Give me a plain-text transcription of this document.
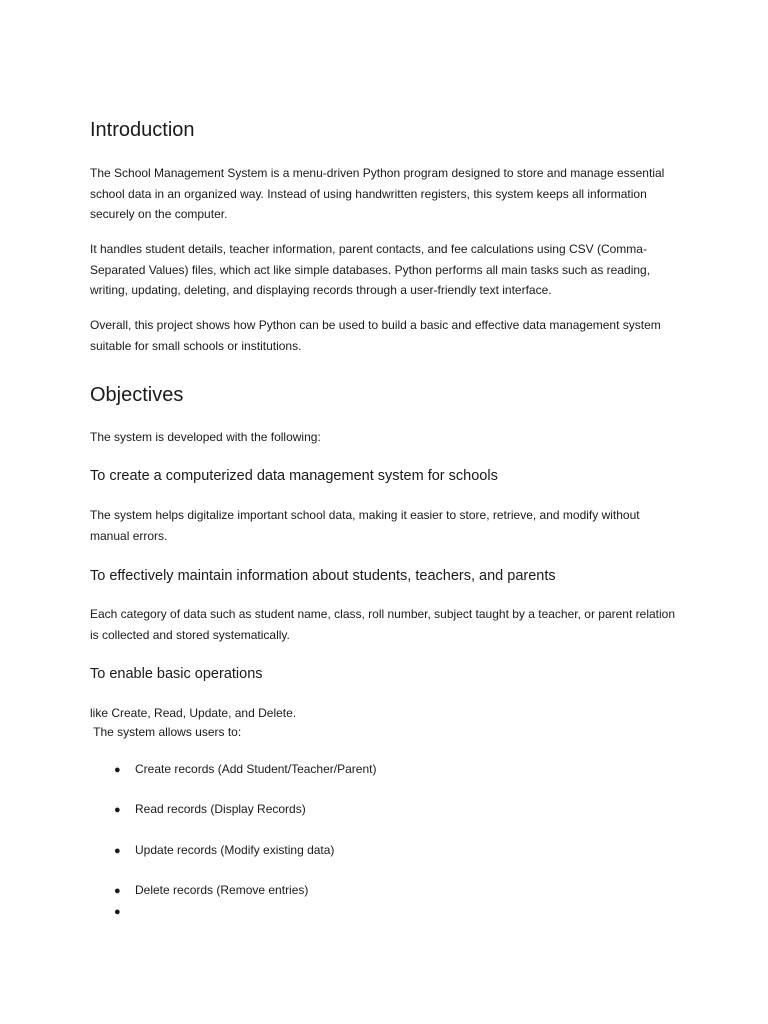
Introduction

The School Management System is a menu-driven Python program designed to store and manage essential school data in an organized way. Instead of using handwritten registers, this system keeps all information securely on the computer.

It handles student details, teacher information, parent contacts, and fee calculations using CSV (Comma-Separated Values) files, which act like simple databases. Python performs all main tasks such as reading, writing, updating, deleting, and displaying records through a user-friendly text interface.

Overall, this project shows how Python can be used to build a basic and effective data management system suitable for small schools or institutions.

Objectives

The system is developed with the following:

To create a computerized data management system for schools

The system helps digitalize important school data, making it easier to store, retrieve, and modify without manual errors.

To effectively maintain information about students, teachers, and parents

Each category of data such as student name, class, roll number, subject taught by a teacher, or parent relation is collected and stored systematically.

To enable basic operations

like Create, Read, Update, and Delete.

The system allows users to:

● Create records (Add Student/Teacher/Parent)
● Read records (Display Records)
● Update records (Modify existing data)
● Delete records (Remove entries)
●
